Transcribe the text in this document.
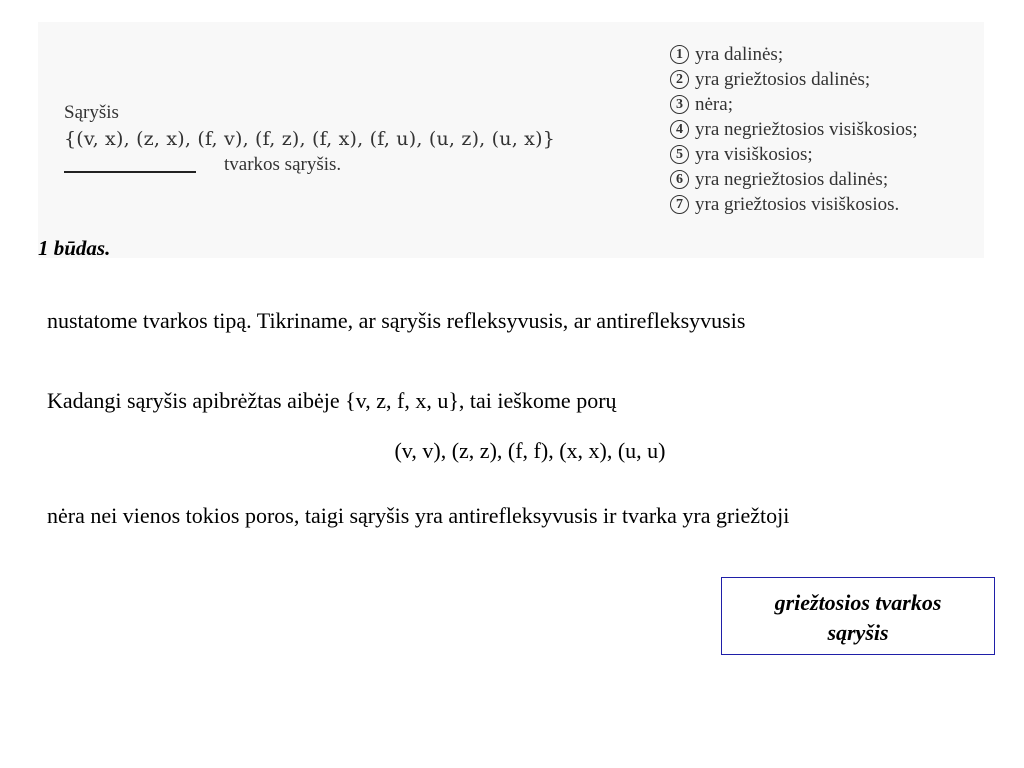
Sąryšis
{(v, x), (z, x), (f, v), (f, z), (f, x), (f, u), (u, z), (u, x)}
tvarkos sąryšis.
1 yra dalinės;
2 yra griežtosios dalinės;
3 nėra;
4 yra negriežtosios visiškosios;
5 yra visiškosios;
6 yra negriežtosios dalinės;
7 yra griežtosios visiškosios.
1 būdas.
nustatome tvarkos tipą. Tikriname, ar sąryšis refleksyvusis, ar antirefleksyvusis
Kadangi sąryšis apibrėžtas aibėje {v, z, f, x, u}, tai ieškome porų
(v, v), (z, z), (f, f), (x, x), (u, u)
nėra nei vienos tokios poros, taigi sąryšis yra antirefleksyvusis ir tvarka yra griežtoji
griežtosios tvarkos
sąryšis
